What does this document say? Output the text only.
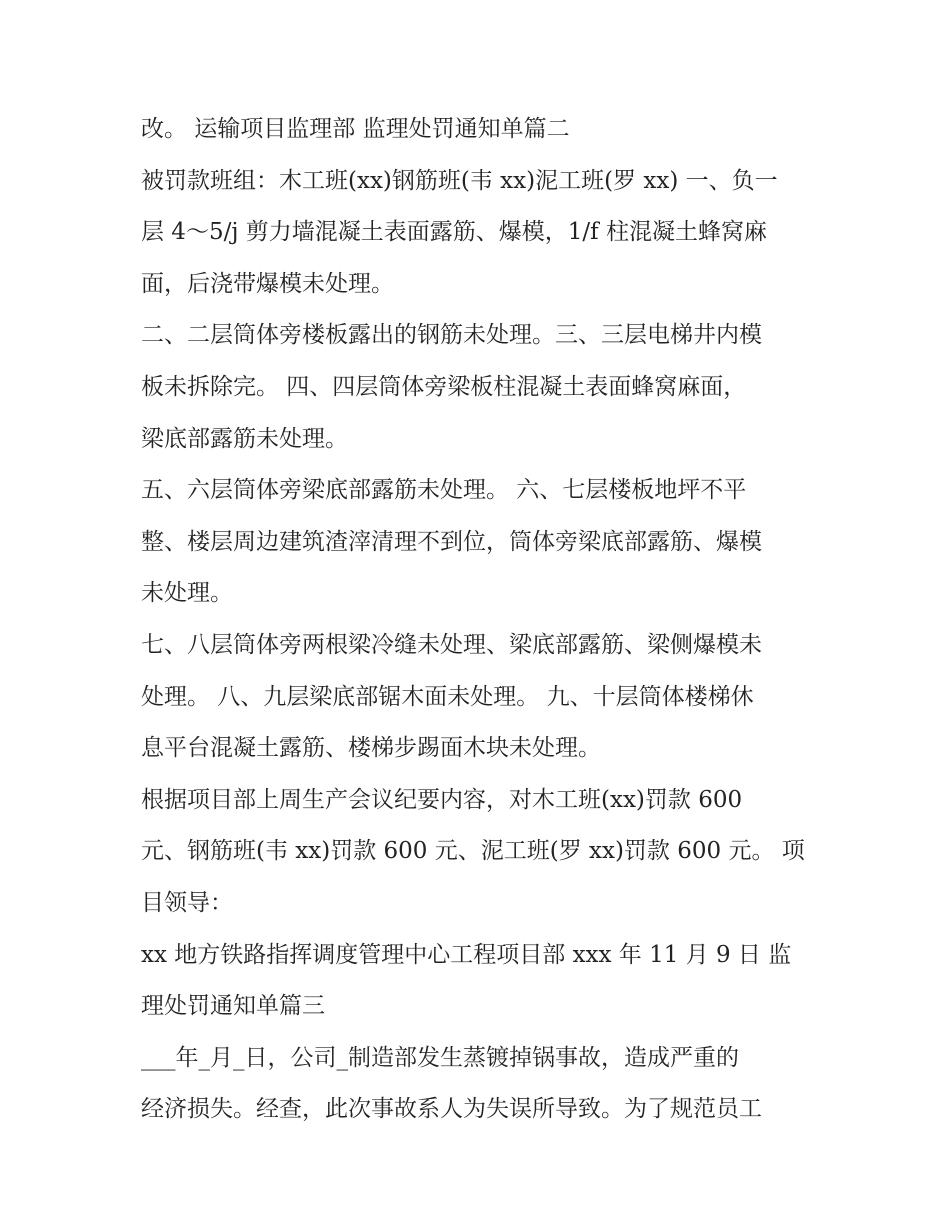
改。 运输项目监理部 监理处罚通知单篇二
被罚款班组：木工班(xx)钢筋班(韦 xx)泥工班(罗 xx) 一、负一
层 4～5/j 剪力墙混凝土表面露筋、爆模，1/f 柱混凝土蜂窝麻
面，后浇带爆模未处理。
二、二层筒体旁楼板露出的钢筋未处理。三、三层电梯井内模
板未拆除完。 四、四层筒体旁梁板柱混凝土表面蜂窝麻面，
梁底部露筋未处理。
五、六层筒体旁梁底部露筋未处理。 六、七层楼板地坪不平
整、楼层周边建筑渣滓清理不到位，筒体旁梁底部露筋、爆模
未处理。
七、八层筒体旁两根梁冷缝未处理、梁底部露筋、梁侧爆模未
处理。 八、九层梁底部锯木面未处理。 九、十层筒体楼梯休
息平台混凝土露筋、楼梯步踢面木块未处理。
根据项目部上周生产会议纪要内容，对木工班(xx)罚款 600
元、钢筋班(韦 xx)罚款 600 元、泥工班(罗 xx)罚款 600 元。 项
目领导：
xx 地方铁路指挥调度管理中心工程项目部 xxx 年 11 月 9 日 监
理处罚通知单篇三
___年_月_日，公司_制造部发生蒸镀掉锅事故，造成严重的
经济损失。经查，此次事故系人为失误所导致。为了规范员工
